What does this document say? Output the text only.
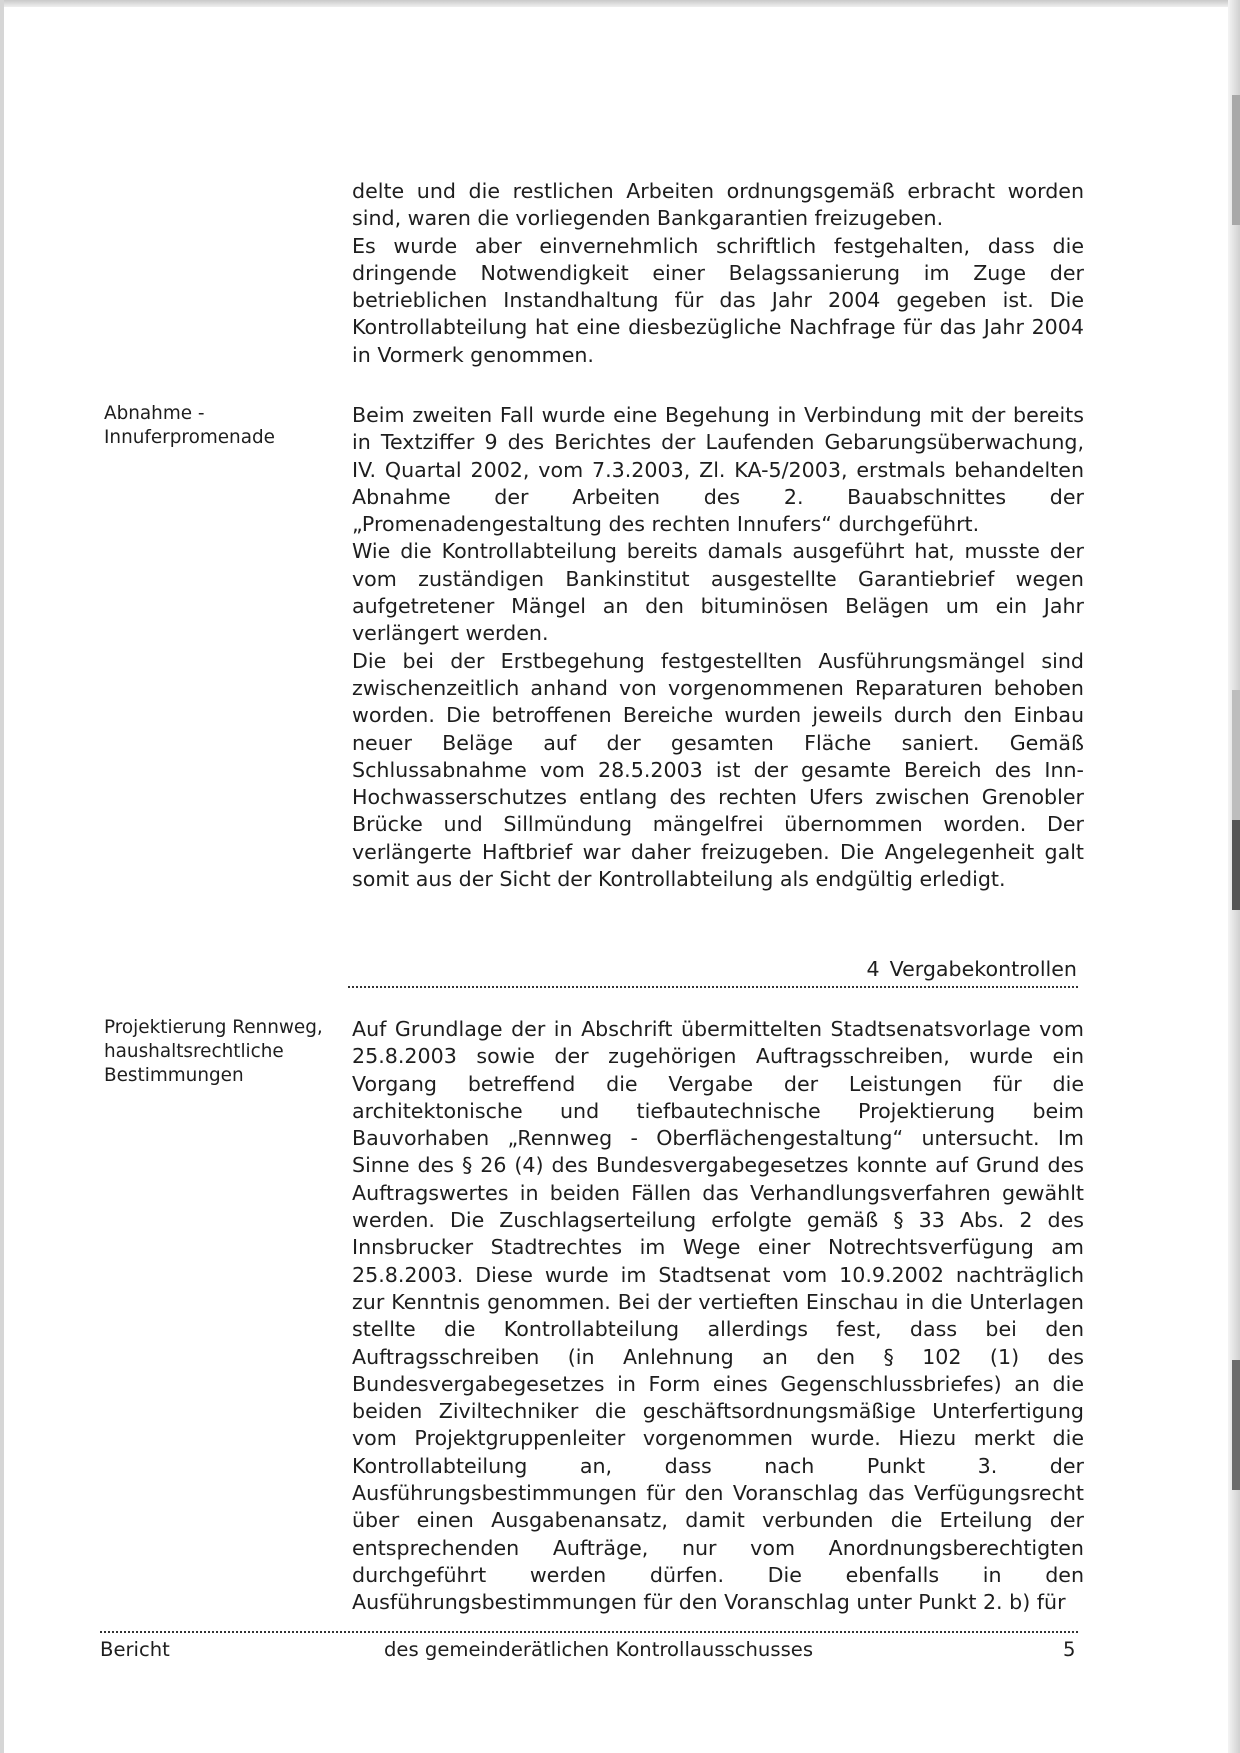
delte und die restlichen Arbeiten ordnungsgemäß erbracht worden sind, waren die vorliegenden Bankgarantien freizugeben.

Es wurde aber einvernehmlich schriftlich festgehalten, dass die dringende Notwendigkeit einer Belagssanierung im Zuge der betrieblichen Instandhaltung für das Jahr 2004 gegeben ist. Die Kontrollabteilung hat eine diesbezügliche Nachfrage für das Jahr 2004 in Vormerk genommen.

Abnahme - Innuferpromenade

Beim zweiten Fall wurde eine Begehung in Verbindung mit der bereits in Textziffer 9 des Berichtes der Laufenden Gebarungsüberwachung, IV. Quartal 2002, vom 7.3.2003, Zl. KA-5/2003, erstmals behandelten Abnahme der Arbeiten des 2. Bauabschnittes der „Promenadengestaltung des rechten Innufers“ durchgeführt.

Wie die Kontrollabteilung bereits damals ausgeführt hat, musste der vom zuständigen Bankinstitut ausgestellte Garantiebrief wegen aufgetretener Mängel an den bituminösen Belägen um ein Jahr verlängert werden.

Die bei der Erstbegehung festgestellten Ausführungsmängel sind zwischenzeitlich anhand von vorgenommenen Reparaturen behoben worden. Die betroffenen Bereiche wurden jeweils durch den Einbau neuer Beläge auf der gesamten Fläche saniert. Gemäß Schlussabnahme vom 28.5.2003 ist der gesamte Bereich des Inn-Hochwasserschutzes entlang des rechten Ufers zwischen Grenobler Brücke und Sillmündung mängelfrei übernommen worden. Der verlängerte Haftbrief war daher freizugeben. Die Angelegenheit galt somit aus der Sicht der Kontrollabteilung als endgültig erledigt.

4 Vergabekontrollen
Projektierung Rennweg, haushaltsrechtliche Bestimmungen

Auf Grundlage der in Abschrift übermittelten Stadtsenatsvorlage vom 25.8.2003 sowie der zugehörigen Auftragsschreiben, wurde ein Vorgang betreffend die Vergabe der Leistungen für die architektonische und tiefbautechnische Projektierung beim Bauvorhaben „Rennweg - Oberflächengestaltung“ untersucht. Im Sinne des § 26 (4) des Bundesvergabegesetzes konnte auf Grund des Auftragswertes in beiden Fällen das Verhandlungsverfahren gewählt werden. Die Zuschlagserteilung erfolgte gemäß § 33 Abs. 2 des Innsbrucker Stadtrechtes im Wege einer Notrechtsverfügung am 25.8.2003. Diese wurde im Stadtsenat vom 10.9.2002 nachträglich zur Kenntnis genommen. Bei der vertieften Einschau in die Unterlagen stellte die Kontrollabteilung allerdings fest, dass bei den Auftragsschreiben (in Anlehnung an den § 102 (1) des Bundesvergabegesetzes in Form eines Gegenschlussbriefes) an die beiden Ziviltechniker die geschäftsordnungsmäßige Unterfertigung vom Projektgruppenleiter vorgenommen wurde. Hiezu merkt die Kontrollabteilung an, dass nach Punkt 3. der Ausführungsbestimmungen für den Voranschlag das Verfügungsrecht über einen Ausgabenansatz, damit verbunden die Erteilung der entsprechenden Aufträge, nur vom Anordnungsberechtigten durchgeführt werden dürfen. Die ebenfalls in den Ausführungsbestimmungen für den Voranschlag unter Punkt 2. b) für

Bericht	des gemeinderätlichen Kontrollausschusses	5
